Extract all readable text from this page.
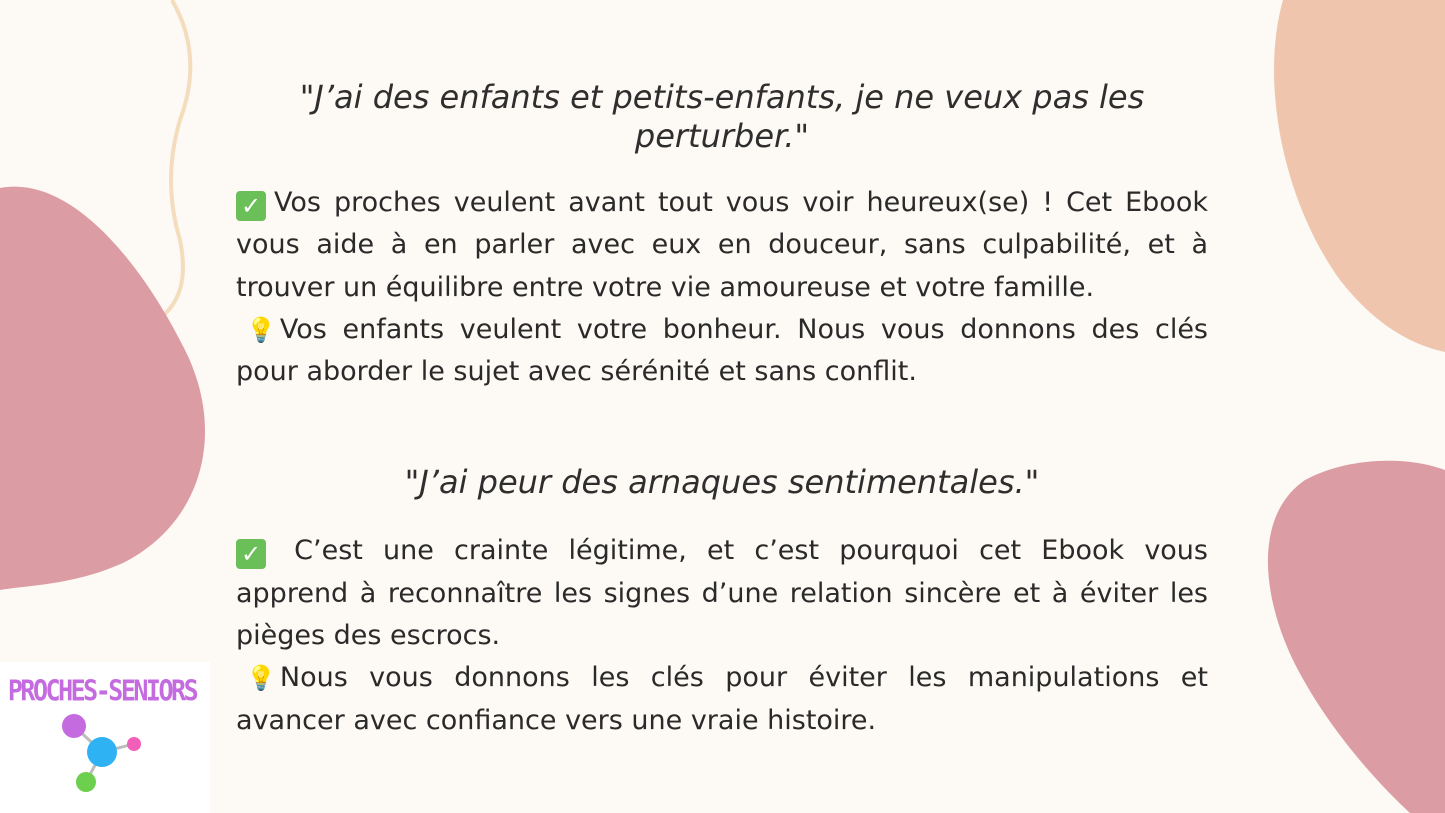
"J’ai des enfants et petits-enfants, je ne veux pas les perturber."

✓ Vos proches veulent avant tout vous voir heureux(se) ! Cet Ebook vous aide à en parler avec eux en douceur, sans culpabilité, et à trouver un équilibre entre votre vie amoureuse et votre famille.
💡 Vos enfants veulent votre bonheur. Nous vous donnons des clés pour aborder le sujet avec sérénité et sans conflit.

"J’ai peur des arnaques sentimentales."

✓ C’est une crainte légitime, et c’est pourquoi cet Ebook vous apprend à reconnaître les signes d’une relation sincère et à éviter les pièges des escrocs.
💡 Nous vous donnons les clés pour éviter les manipulations et avancer avec confiance vers une vraie histoire.

PROCHES-SENIORS
